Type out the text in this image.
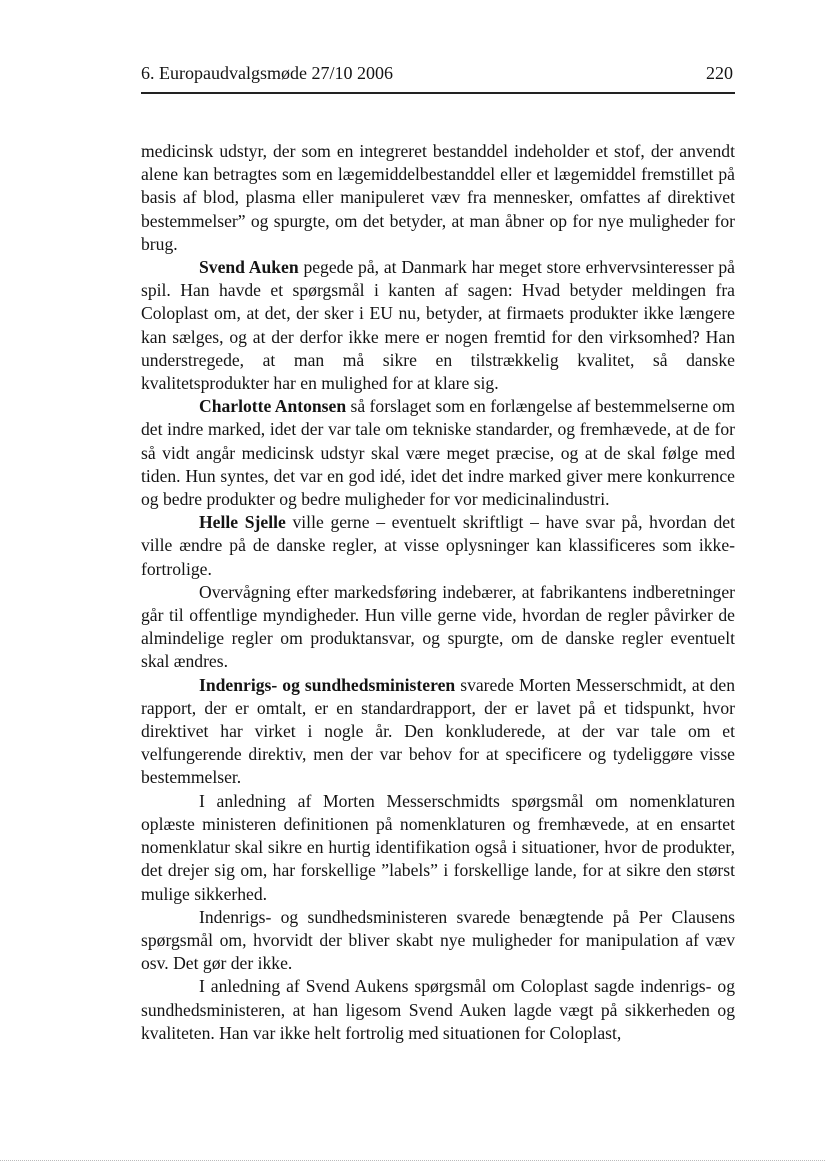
6. Europaudvalgsmøde 27/10 2006	220

medicinsk udstyr, der som en integreret bestanddel indeholder et stof, der anvendt alene kan betragtes som en lægemiddelbestanddel eller et lægemiddel fremstillet på basis af blod, plasma eller manipuleret væv fra mennesker, omfattes af direktivet bestemmelser” og spurgte, om det betyder, at man åbner op for nye muligheder for brug.

Svend Auken pegede på, at Danmark har meget store erhvervsinteresser på spil. Han havde et spørgsmål i kanten af sagen: Hvad betyder meldingen fra Coloplast om, at det, der sker i EU nu, betyder, at firmaets produkter ikke længere kan sælges, og at der derfor ikke mere er nogen fremtid for den virksomhed? Han understregede, at man må sikre en tilstrækkelig kvalitet, så danske kvalitetsprodukter har en mulighed for at klare sig.

Charlotte Antonsen så forslaget som en forlængelse af bestemmelserne om det indre marked, idet der var tale om tekniske standarder, og fremhævede, at de for så vidt angår medicinsk udstyr skal være meget præcise, og at de skal følge med tiden. Hun syntes, det var en god idé, idet det indre marked giver mere konkurrence og bedre produkter og bedre muligheder for vor medicinalindustri.

Helle Sjelle ville gerne – eventuelt skriftligt – have svar på, hvordan det ville ændre på de danske regler, at visse oplysninger kan klassificeres som ikke-fortrolige.

Overvågning efter markedsføring indebærer, at fabrikantens indberetninger går til offentlige myndigheder. Hun ville gerne vide, hvordan de regler påvirker de almindelige regler om produktansvar, og spurgte, om de danske regler eventuelt skal ændres.

Indenrigs- og sundhedsministeren svarede Morten Messerschmidt, at den rapport, der er omtalt, er en standardrapport, der er lavet på et tidspunkt, hvor direktivet har virket i nogle år. Den konkluderede, at der var tale om et velfungerende direktiv, men der var behov for at specificere og tydeliggøre visse bestemmelser.

I anledning af Morten Messerschmidts spørgsmål om nomenklaturen oplæste ministeren definitionen på nomenklaturen og fremhævede, at en ensartet nomenklatur skal sikre en hurtig identifikation også i situationer, hvor de produkter, det drejer sig om, har forskellige ”labels” i forskellige lande, for at sikre den størst mulige sikkerhed.

Indenrigs- og sundhedsministeren svarede benægtende på Per Clausens spørgsmål om, hvorvidt der bliver skabt nye muligheder for manipulation af væv osv. Det gør der ikke.

I anledning af Svend Aukens spørgsmål om Coloplast sagde indenrigs- og sundhedsministeren, at han ligesom Svend Auken lagde vægt på sikkerheden og kvaliteten. Han var ikke helt fortrolig med situationen for Coloplast,
